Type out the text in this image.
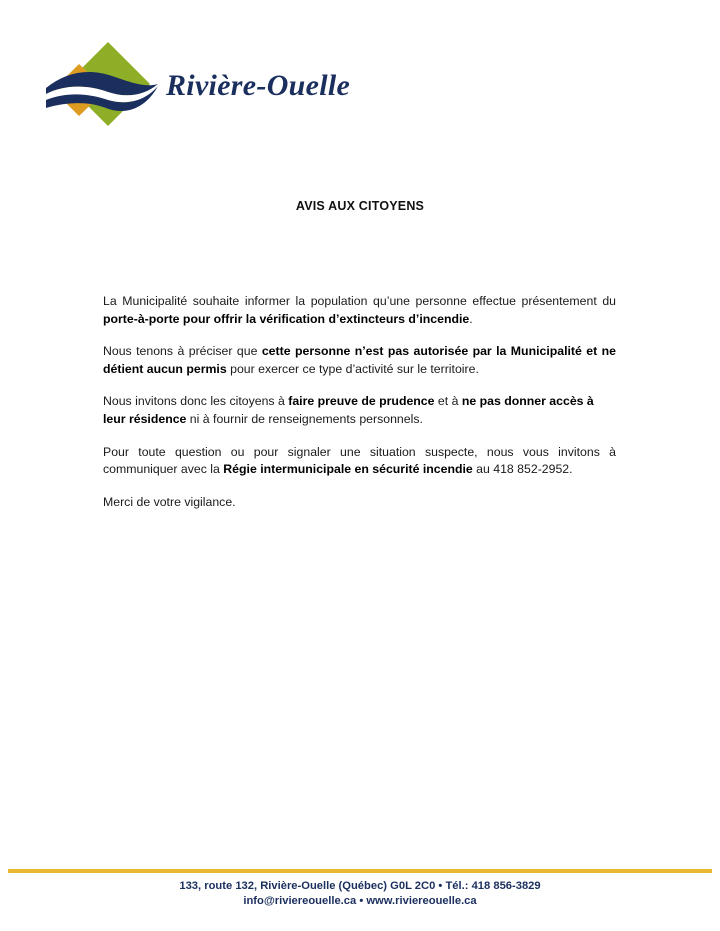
Rivière-Ouelle
AVIS AUX CITOYENS

La Municipalité souhaite informer la population qu’une personne effectue présentement du porte-à-porte pour offrir la vérification d’extincteurs d’incendie.

Nous tenons à préciser que cette personne n’est pas autorisée par la Municipalité et ne détient aucun permis pour exercer ce type d’activité sur le territoire.

Nous invitons donc les citoyens à faire preuve de prudence et à ne pas donner accès à leur résidence ni à fournir de renseignements personnels.

Pour toute question ou pour signaler une situation suspecte, nous vous invitons à communiquer avec la Régie intermunicipale en sécurité incendie au 418 852-2952.

Merci de votre vigilance.

133, route 132, Rivière-Ouelle (Québec) G0L 2C0 • Tél.: 418 856-3829
info@riviereouelle.ca • www.riviereouelle.ca
